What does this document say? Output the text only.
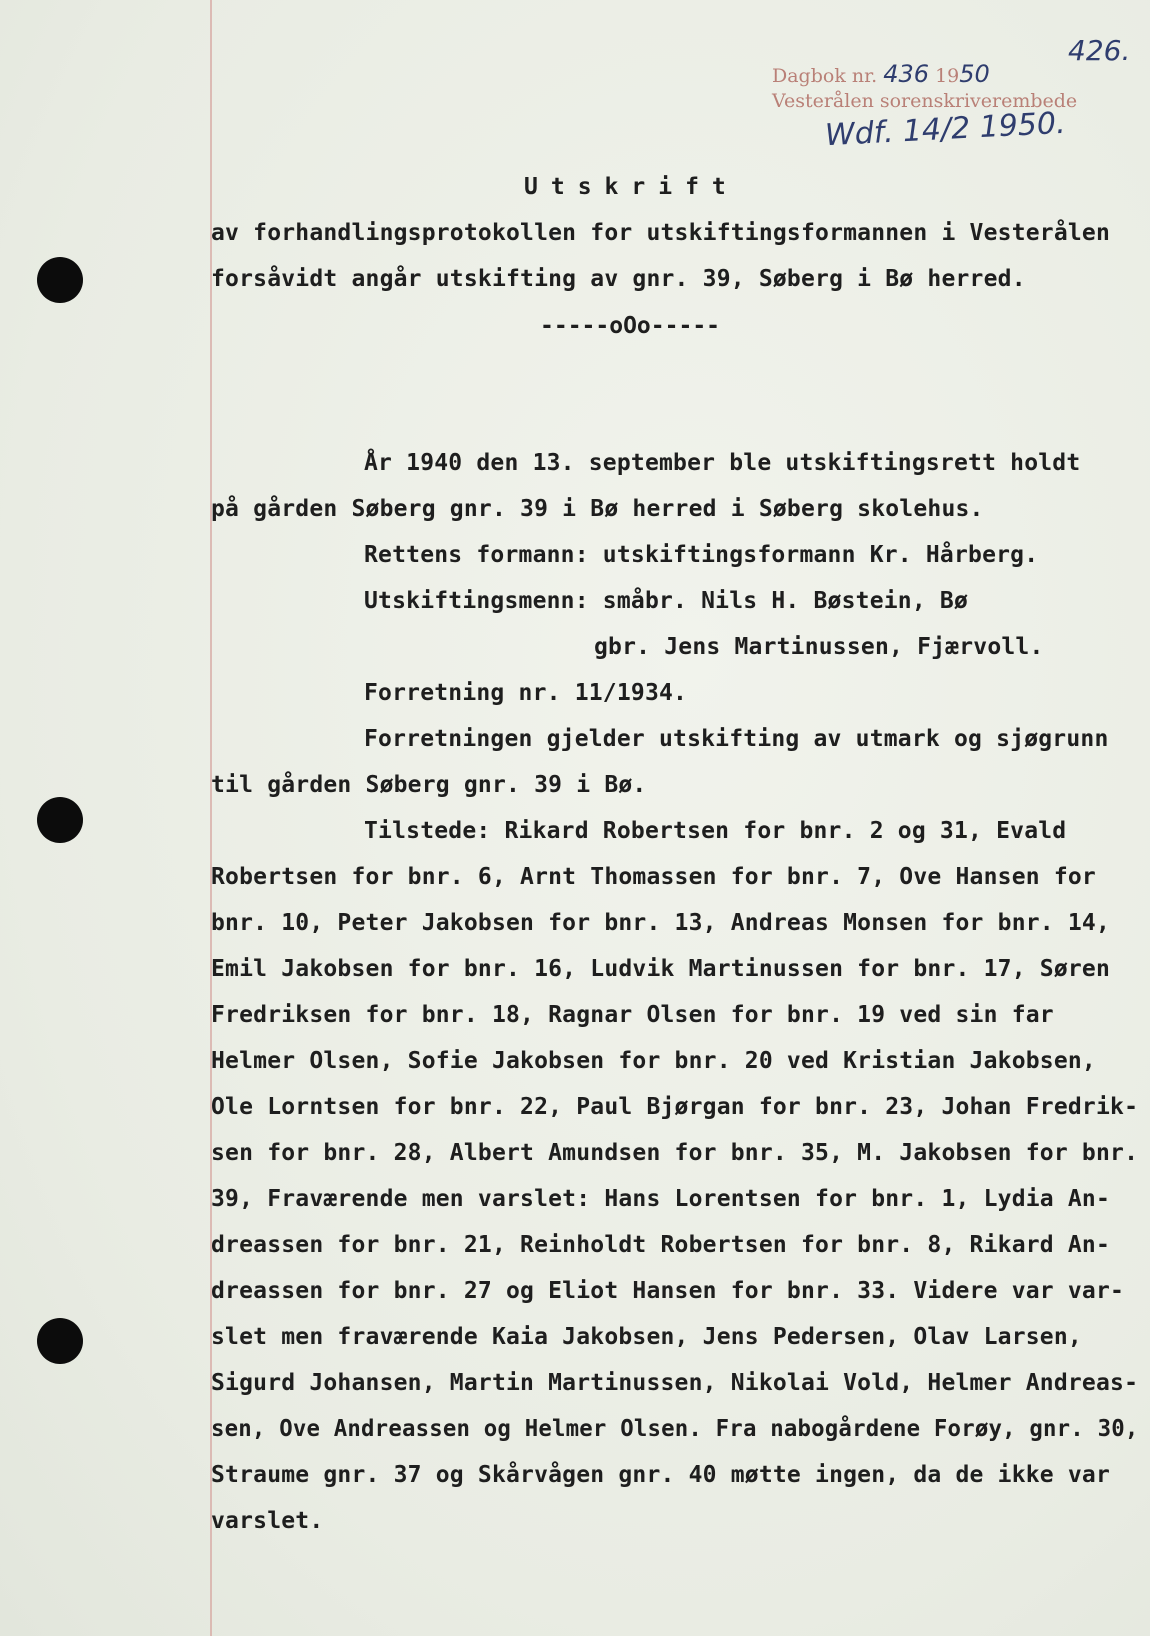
Dagbok nr. 436 1950
Vesterålen sorenskriverembede
Wdf. 14/2 1950.
426.
Utskrift
av forhandlingsprotokollen for utskiftingsformannen i Vesterålen
forsåvidt angår utskifting av gnr. 39, Søberg i Bø herred.
-----oOo-----
År 1940 den 13. september ble utskiftingsrett holdt
på gården Søberg gnr. 39 i Bø herred i Søberg skolehus.
Rettens formann: utskiftingsformann Kr. Hårberg.
Utskiftingsmenn: småbr. Nils H. Bøstein, Bø
gbr. Jens Martinussen, Fjærvoll.
Forretning nr. 11/1934.
Forretningen gjelder utskifting av utmark og sjøgrunn
til gården Søberg gnr. 39 i Bø.
Tilstede: Rikard Robertsen for bnr. 2 og 31, Evald
Robertsen for bnr. 6, Arnt Thomassen for bnr. 7, Ove Hansen for
bnr. 10, Peter Jakobsen for bnr. 13, Andreas Monsen for bnr. 14,
Emil Jakobsen for bnr. 16, Ludvik Martinussen for bnr. 17, Søren
Fredriksen for bnr. 18, Ragnar Olsen for bnr. 19 ved sin far
Helmer Olsen, Sofie Jakobsen for bnr. 20 ved Kristian Jakobsen,
Ole Lorntsen for bnr. 22, Paul Bjørgan for bnr. 23, Johan Fredrik-
sen for bnr. 28, Albert Amundsen for bnr. 35, M. Jakobsen for bnr.
39, Fraværende men varslet: Hans Lorentsen for bnr. 1, Lydia An-
dreassen for bnr. 21, Reinholdt Robertsen for bnr. 8, Rikard An-
dreassen for bnr. 27 og Eliot Hansen for bnr. 33. Videre var var-
slet men fraværende Kaia Jakobsen, Jens Pedersen, Olav Larsen,
Sigurd Johansen, Martin Martinussen, Nikolai Vold, Helmer Andreas-
sen, Ove Andreassen og Helmer Olsen. Fra nabogårdene Forøy, gnr. 30,
Straume gnr. 37 og Skårvågen gnr. 40 møtte ingen, da de ikke var
varslet.
